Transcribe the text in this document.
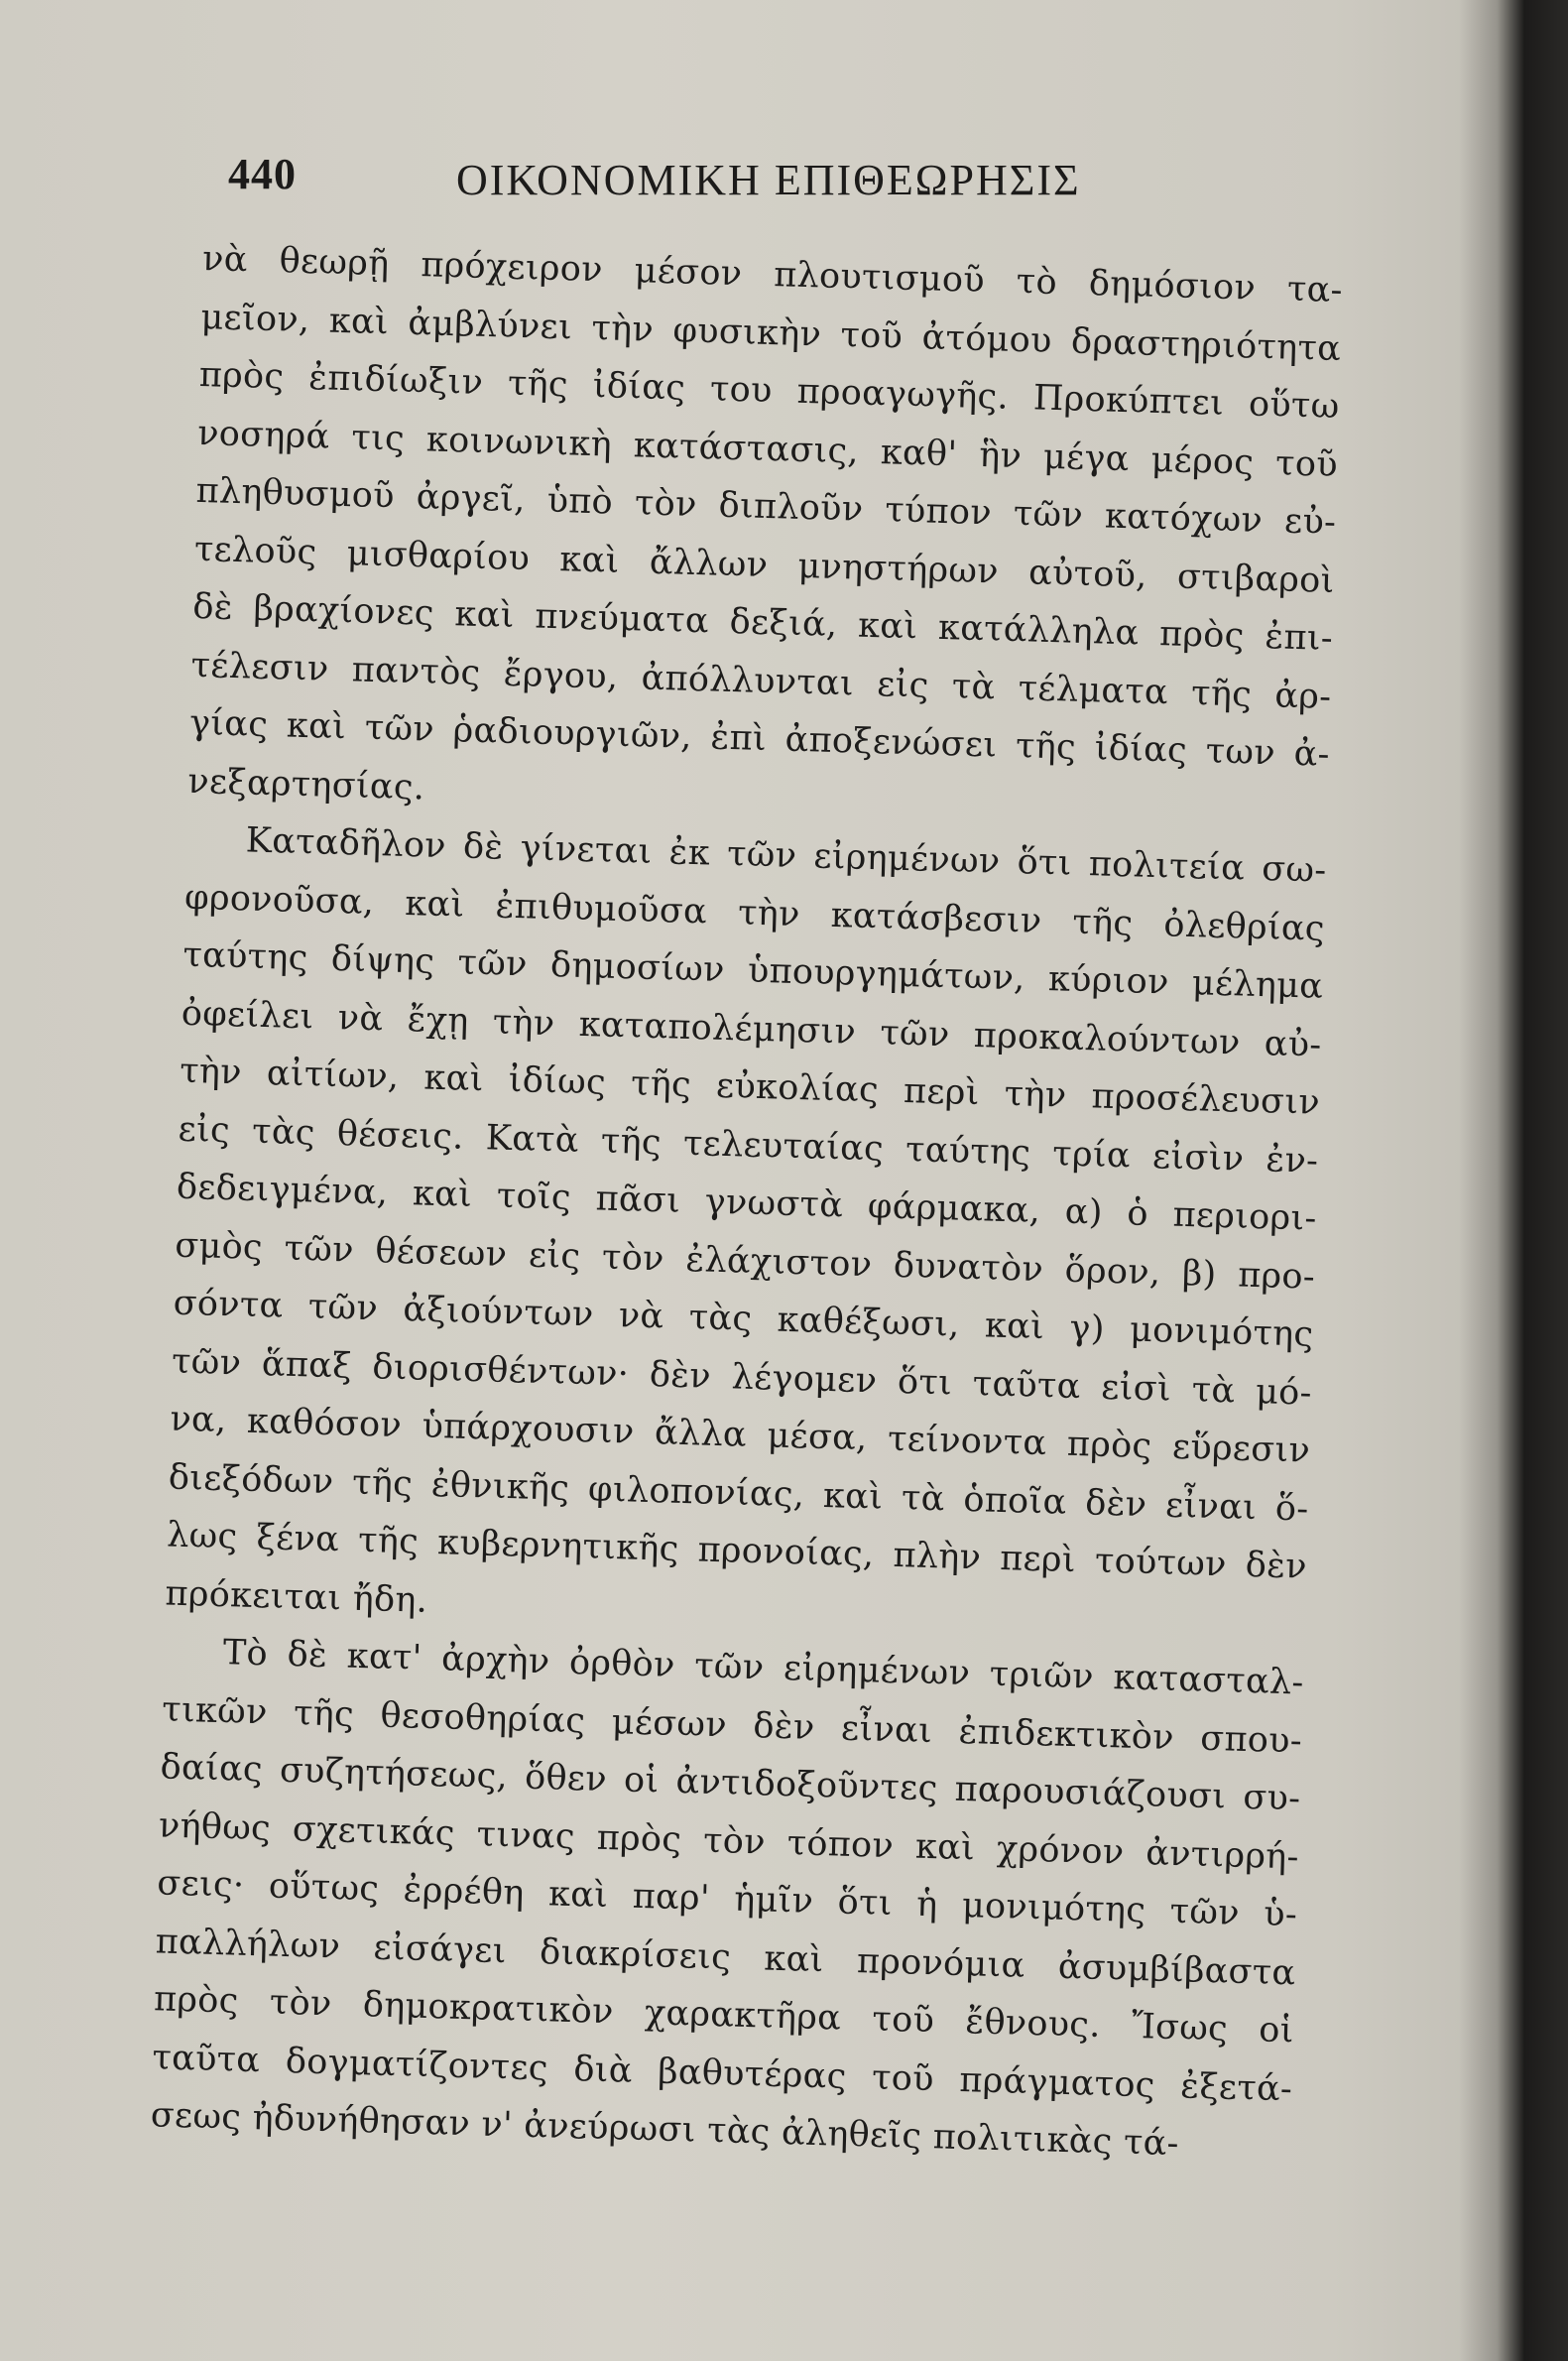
440	ΟΙΚΟΝΟΜΙΚΗ ΕΠΙΘΕΩΡΗΣΙΣ
νὰ θεωρῇ πρόχειρον μέσον πλουτισμοῦ τὸ δημόσιον τα-
μεῖον, καὶ ἀμβλύνει τὴν φυσικὴν τοῦ ἀτόμου δραστηριότητα
πρὸς ἐπιδίωξιν τῆς ἰδίας του προαγωγῆς. Προκύπτει οὕτω
νοσηρά τις κοινωνικὴ κατάστασις, καθ' ἣν μέγα μέρος τοῦ
πληθυσμοῦ ἀργεῖ, ὑπὸ τὸν διπλοῦν τύπον τῶν κατόχων εὐ-
τελοῦς μισθαρίου καὶ ἄλλων μνηστήρων αὐτοῦ, στιβαροὶ
δὲ βραχίονες καὶ πνεύματα δεξιά, καὶ κατάλληλα πρὸς ἐπι-
τέλεσιν παντὸς ἔργου, ἀπόλλυνται εἰς τὰ τέλματα τῆς ἀρ-
γίας καὶ τῶν ῥαδιουργιῶν, ἐπὶ ἀποξενώσει τῆς ἰδίας των ἀ-
νεξαρτησίας.
Καταδῆλον δὲ γίνεται ἐκ τῶν εἰρημένων ὅτι πολιτεία σω-
φρονοῦσα, καὶ ἐπιθυμοῦσα τὴν κατάσβεσιν τῆς ὀλεθρίας
ταύτης δίψης τῶν δημοσίων ὑπουργημάτων, κύριον μέλημα
ὀφείλει νὰ ἔχῃ τὴν καταπολέμησιν τῶν προκαλούντων αὐ-
τὴν αἰτίων, καὶ ἰδίως τῆς εὐκολίας περὶ τὴν προσέλευσιν
εἰς τὰς θέσεις. Κατὰ τῆς τελευταίας ταύτης τρία εἰσὶν ἐν-
δεδειγμένα, καὶ τοῖς πᾶσι γνωστὰ φάρμακα, α) ὁ περιορι-
σμὸς τῶν θέσεων εἰς τὸν ἐλάχιστον δυνατὸν ὅρον, β) προ-
σόντα τῶν ἀξιούντων νὰ τὰς καθέξωσι, καὶ γ) μονιμότης
τῶν ἅπαξ διορισθέντων· δὲν λέγομεν ὅτι ταῦτα εἰσὶ τὰ μό-
να, καθόσον ὑπάρχουσιν ἄλλα μέσα, τείνοντα πρὸς εὕρεσιν
διεξόδων τῆς ἐθνικῆς φιλοπονίας, καὶ τὰ ὁποῖα δὲν εἶναι ὅ-
λως ξένα τῆς κυβερνητικῆς προνοίας, πλὴν περὶ τούτων δὲν
πρόκειται ἤδη.
Τὸ δὲ κατ' ἀρχὴν ὀρθὸν τῶν εἰρημένων τριῶν κατασταλ-
τικῶν τῆς θεσοθηρίας μέσων δὲν εἶναι ἐπιδεκτικὸν σπου-
δαίας συζητήσεως, ὅθεν οἱ ἀντιδοξοῦντες παρουσιάζουσι συ-
νήθως σχετικάς τινας πρὸς τὸν τόπον καὶ χρόνον ἀντιρρή-
σεις· οὕτως ἐρρέθη καὶ παρ' ἡμῖν ὅτι ἡ μονιμότης τῶν ὑ-
παλλήλων εἰσάγει διακρίσεις καὶ προνόμια ἀσυμβίβαστα
πρὸς τὸν δημοκρατικὸν χαρακτῆρα τοῦ ἔθνους. Ἴσως οἱ
ταῦτα δογματίζοντες διὰ βαθυτέρας τοῦ πράγματος ἐξετά-
σεως ἠδυνήθησαν ν' ἀνεύρωσι τὰς ἀληθεῖς πολιτικὰς τά-
